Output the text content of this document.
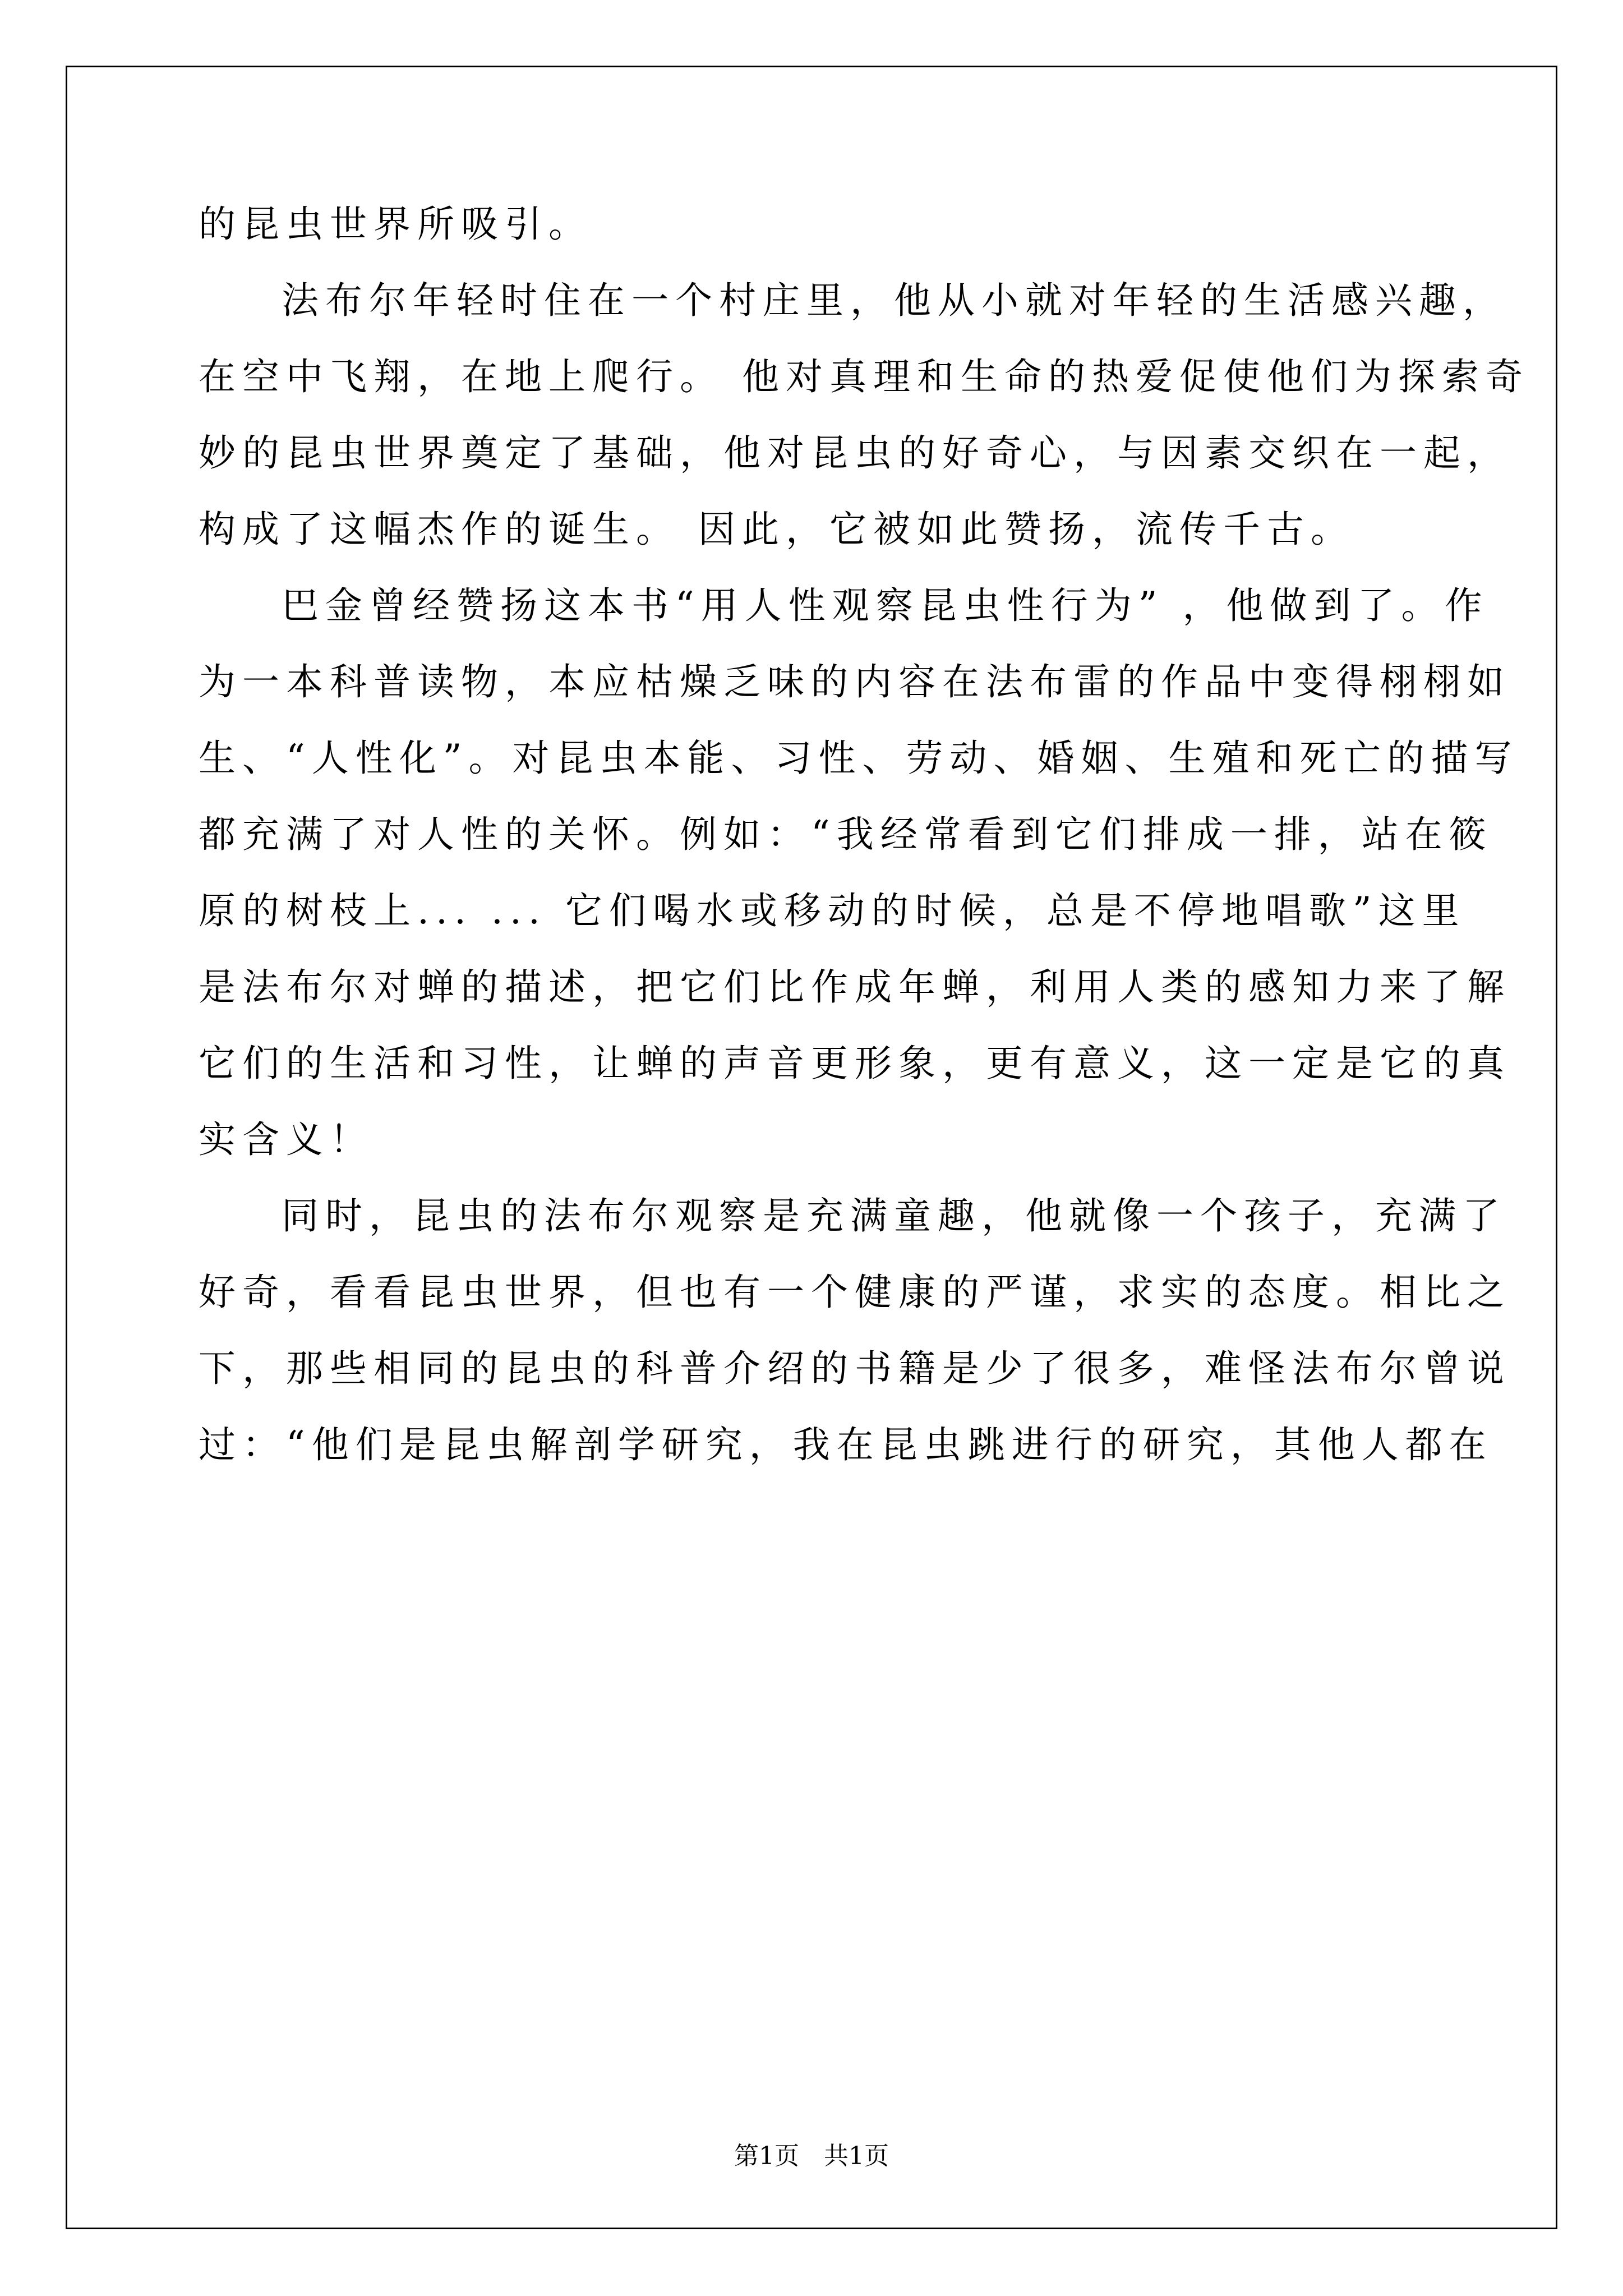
的昆虫世界所吸引。
法布尔年轻时住在一个村庄里，他从小就对年轻的生活感兴趣，
在空中飞翔，在地上爬行。 他对真理和生命的热爱促使他们为探索奇
妙的昆虫世界奠定了基础，他对昆虫的好奇心，与因素交织在一起，
构成了这幅杰作的诞生。 因此，它被如此赞扬，流传千古。
巴金曾经赞扬这本书“用人性观察昆虫性行为” ，他做到了。作
为一本科普读物，本应枯燥乏味的内容在法布雷的作品中变得栩栩如
生、“人性化”。对昆虫本能、习性、劳动、婚姻、生殖和死亡的描写
都充满了对人性的关怀。例如：“我经常看到它们排成一排，站在筱
原的树枝上... ... 它们喝水或移动的时候，总是不停地唱歌”这里
是法布尔对蝉的描述，把它们比作成年蝉，利用人类的感知力来了解
它们的生活和习性，让蝉的声音更形象，更有意义，这一定是它的真
实含义！
同时，昆虫的法布尔观察是充满童趣，他就像一个孩子，充满了
好奇，看看昆虫世界，但也有一个健康的严谨，求实的态度。相比之
下，那些相同的昆虫的科普介绍的书籍是少了很多，难怪法布尔曾说
过：“他们是昆虫解剖学研究，我在昆虫跳进行的研究，其他人都在
第1页　共1页
